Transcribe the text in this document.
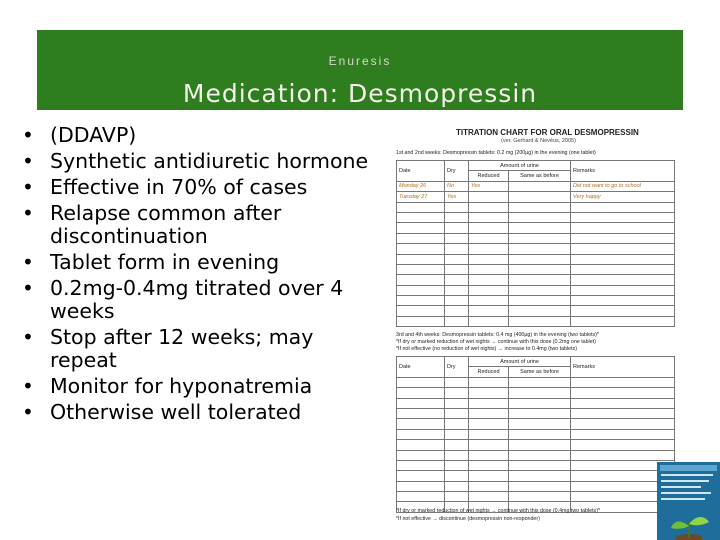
Enuresis
Medication: Desmopressin
• (DDAVP)
• Synthetic antidiuretic hormone
• Effective in 70% of cases
• Relapse common after discontinuation
• Tablet form in evening
• 0.2mg-0.4mg titrated over 4 weeks
• Stop after 12 weeks; may repeat
• Monitor for hyponatremia
• Otherwise well tolerated
TITRATION CHART FOR ORAL DESMOPRESSIN
(ver. Gerhard & Nevéus, 2005)
1st and 2nd weeks: Desmopressin tablets: 0.2 mg (200µg) in the evening (one tablet)
Date	Dry	Amount of urine		Remarks
		Reduced	Same as before	
Monday 26	No	Yes		Did not want to go to school
Tuesday 27	Yes			Very happy

3rd and 4th weeks: Desmopressin tablets: 0.4 mg (400µg) in the evening (two tablets)*
*If dry or marked reduction of wet nights → continue with this dose (0.2mg one tablet)
*If not effective (no reduction of wet nights) → increase to 0.4mg (two tablets)
Date	Dry	Amount of urine		Remarks
		Reduced	Same as before	

*If dry or marked reduction of wet nights → continue with this dose (0.4mg two tablets)*
*If not effective → discontinue (desmopressin non-responder)
